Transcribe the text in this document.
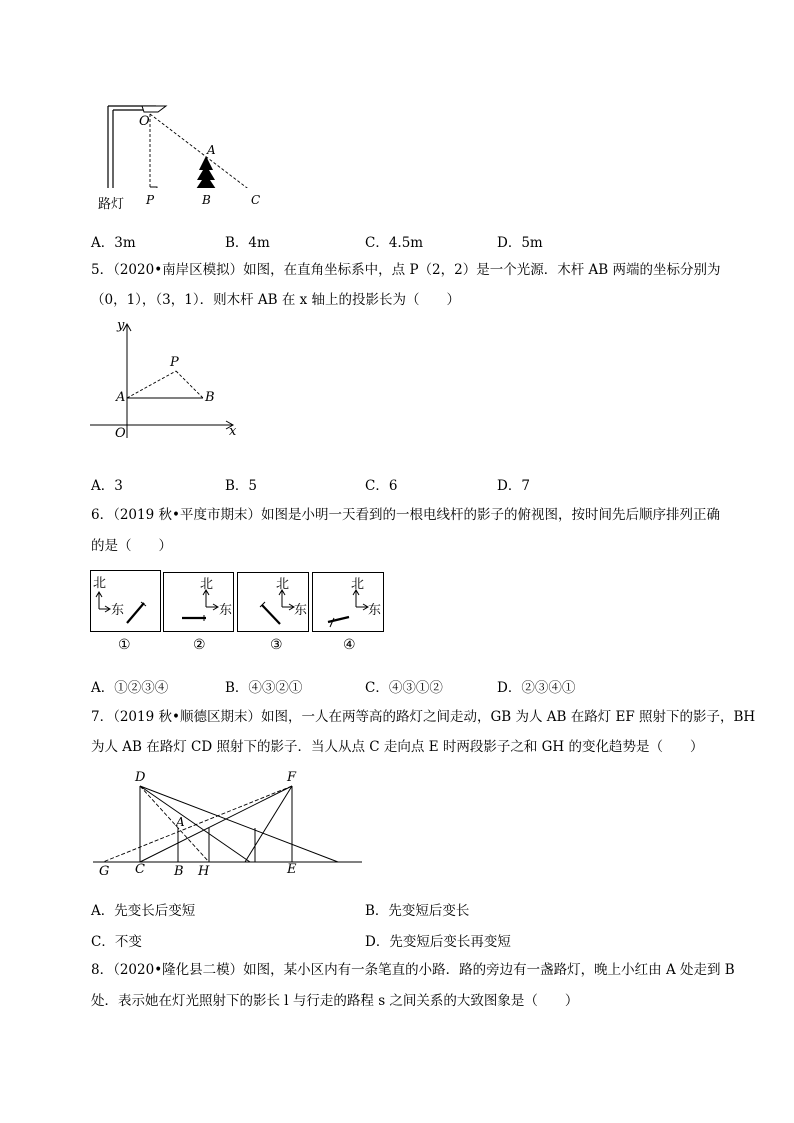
O
A
路灯 P	B	C
A．3m	B．4m	C．4.5m	D．5m
5．（2020•南岸区模拟）如图，在直角坐标系中，点 P（2，2）是一个光源．木杆 AB 两端的坐标分别为
（0，1），（3，1）．则木杆 AB 在 x 轴上的投影长为（　　）
y
P
A	B
O	x
A．3	B．5	C．6	D．7
6．（2019 秋•平度市期末）如图是小明一天看到的一根电线杆的影子的俯视图，按时间先后顺序排列正确
的是（　　）
北
东
北
东
北
东
北
东
①	②	③	④
A．①②③④	B．④③②①	C．④③①②	D．②③④①
7．（2019 秋•顺德区期末）如图，一人在两等高的路灯之间走动，GB 为人 AB 在路灯 EF 照射下的影子，BH
为人 AB 在路灯 CD 照射下的影子．当人从点 C 走向点 E 时两段影子之和 GH 的变化趋势是（　　）
D	F
A
G C B H	E
A．先变长后变短	B．先变短后变长
C．不变	D．先变短后变长再变短
8．（2020•隆化县二模）如图，某小区内有一条笔直的小路．路的旁边有一盏路灯，晚上小红由 A 处走到 B
处．表示她在灯光照射下的影长 l 与行走的路程 s 之间关系的大致图象是（　　）
